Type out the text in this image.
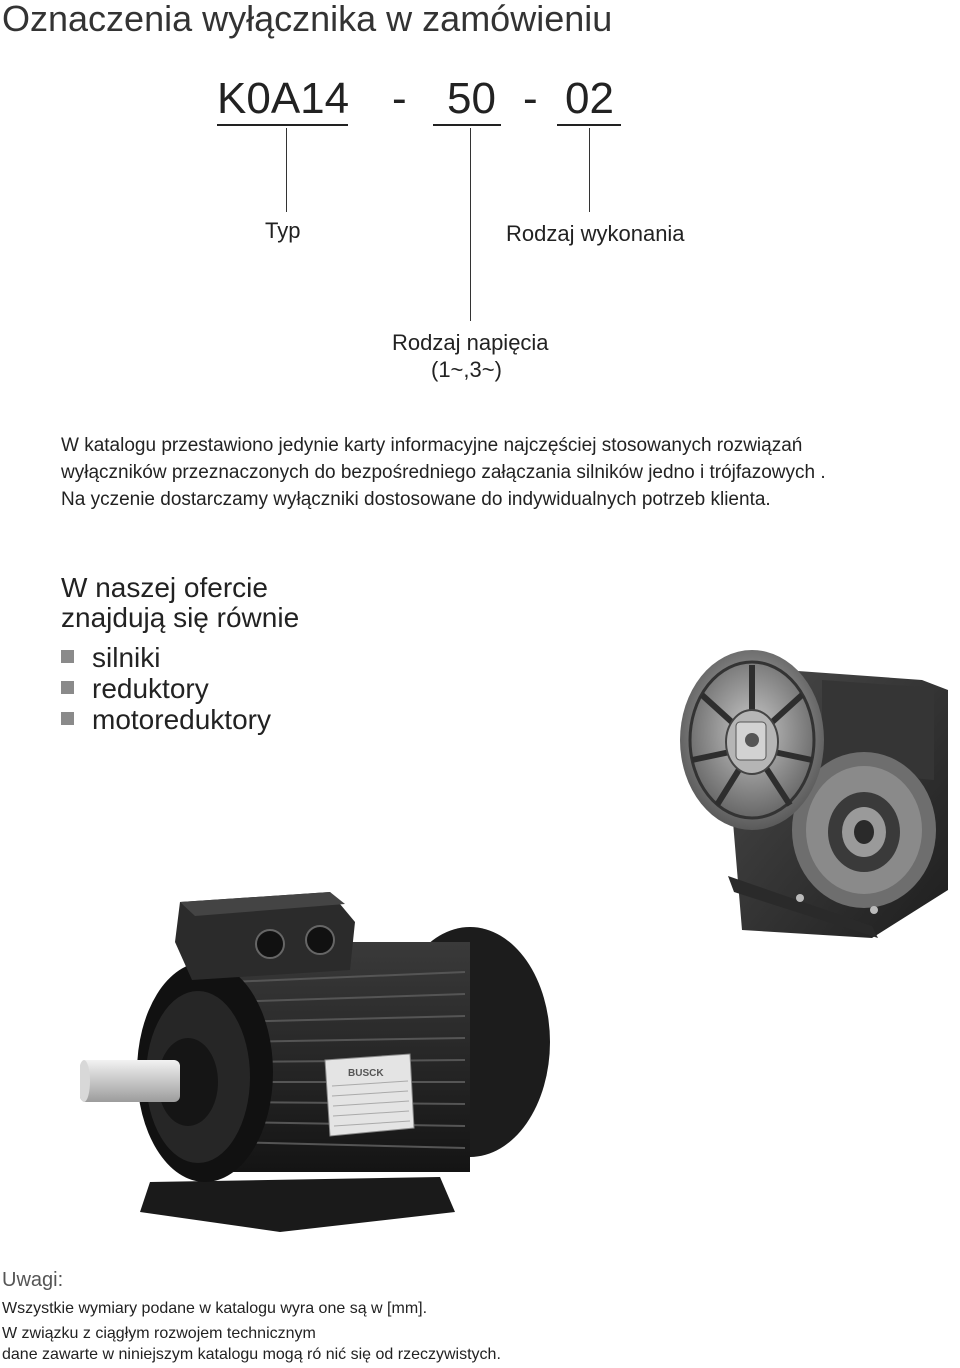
Oznaczenia wyłącznika w zamówieniu
K0A14 - 50 - 02
Typ	Rodzaj wykonania
Rodzaj napięcia
(1~,3~)
W katalogu przestawiono jedynie karty informacyjne najczęściej stosowanych rozwiązań
wyłączników przeznaczonych do bezpośredniego załączania silników jedno i trójfazowych .
Na yczenie dostarczamy wyłączniki dostosowane do indywidualnych potrzeb klienta.
W naszej ofercie
znajdują się równie
silniki
reduktory
motoreduktory
BUSCK
Uwagi:
Wszystkie wymiary podane w katalogu wyra one są w [mm].
W związku z ciągłym rozwojem technicznym
dane zawarte w niniejszym katalogu mogą ró nić się od rzeczywistych.
